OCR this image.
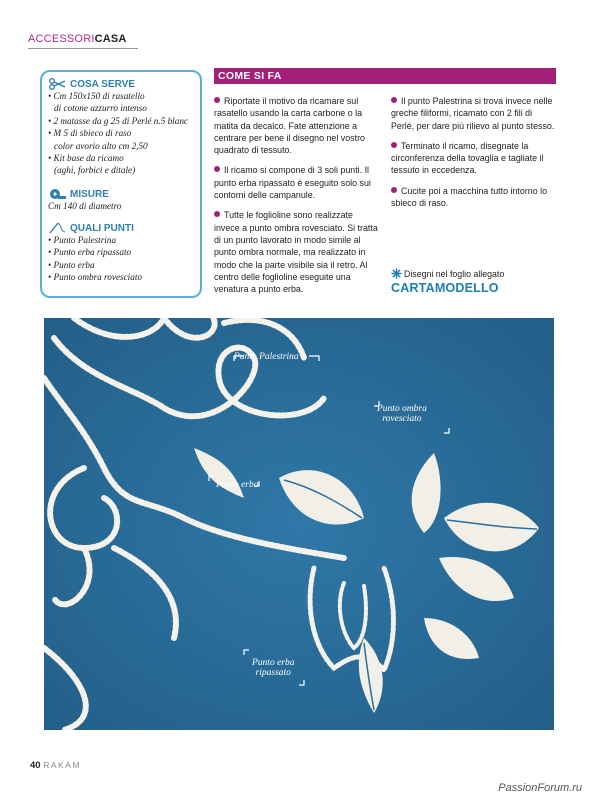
ACCESSORICASA
COSA SERVE
• Cm 150x150 di rasatello
di cotone azzurro intenso
• 2 matasse da g 25 di Perlé n.5 blanc
• M 5 di sbieco di raso
color avorio alto cm 2,50
• Kit base da ricamo
(aghi, forbici e ditale)
MISURE
Cm 140 di diametro
QUALI PUNTI
• Punto Palestrina
• Punto erba ripassato
• Punto erba
• Punto ombra rovesciato
COME SI FA

Riportate il motivo da ricamare sul rasatello usando la carta carbone o la matita da decalco. Fate attenzione a centrare per bene il disegno nel vostro quadrato di tessuto.

Il ricamo si compone di 3 soli punti. Il punto erba ripassato è eseguito solo sui contorni delle campanule.

Tutte le foglioline sono realizzate invece a punto ombra rovesciato. Si tratta di un punto lavorato in modo simile al punto ombra normale, ma realizzato in modo che la parte visibile sia il retro. Al centro delle foglioline eseguite una venatura a punto erba.

Il punto Palestrina si trova invece nelle greche filiformi, ricamato con 2 fili di Perlé, per dare più rilievo al punto stesso.

Terminato il ricamo, disegnate la circonferenza della tovaglia e tagliate il tessuto in eccedenza.

Cucite poi a macchina tutto intorno lo sbieco di raso.

Disegni nel foglio allegato
CARTAMODELLO
Punto Palestrina
Punto ombra
rovesciato
Punto erba
Punto erba
ripassato
40 RAKAM
PassionForum.ru
